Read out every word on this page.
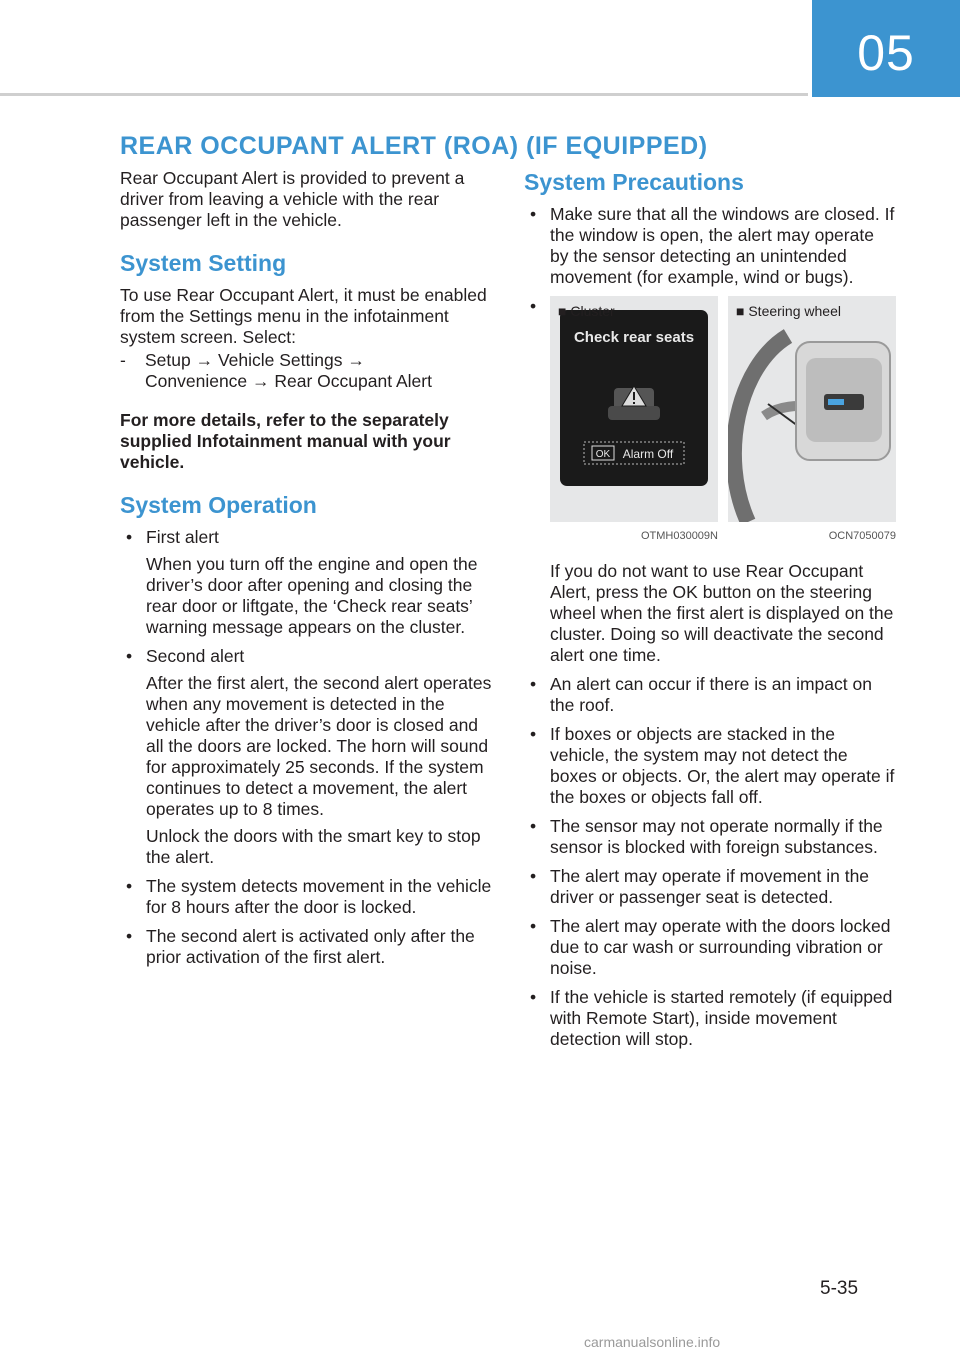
05
REAR OCCUPANT ALERT (ROA) (IF EQUIPPED)

Rear Occupant Alert is provided to prevent a driver from leaving a vehicle with the rear passenger left in the vehicle.

System Setting

To use Rear Occupant Alert, it must be enabled from the Settings menu in the infotainment system screen. Select:

-	Setup → Vehicle Settings →

Convenience → Rear Occupant Alert

For more details, refer to the separately supplied Infotainment manual with your vehicle.

System Operation
• First alert
When you turn off the engine and open the driver’s door after opening and closing the rear door or liftgate, the ‘Check rear seats’ warning message appears on the cluster.
• Second alert
After the first alert, the second alert operates when any movement is detected in the vehicle after the driver’s door is closed and all the doors are locked. The horn will sound for approximately 25 seconds. If the system continues to detect a movement, the alert operates up to 8 times.
Unlock the doors with the smart key to stop the alert.
• The system detects movement in the vehicle for 8 hours after the door is locked.
• The second alert is activated only after the prior activation of the first alert.
System Precautions
• Make sure that all the windows are closed. If the window is open, the alert may operate by the sensor detecting an unintended movement (for example, wind or bugs).
• ■ Cluster
Check rear seats
OK Alarm Off
OTMH030009N
■ Steering wheel
OCN7050079

If you do not want to use Rear Occupant Alert, press the OK button on the steering wheel when the first alert is displayed on the cluster. Doing so will deactivate the second alert one time.

• An alert can occur if there is an impact on the roof.
• If boxes or objects are stacked in the vehicle, the system may not detect the boxes or objects. Or, the alert may operate if the boxes or objects fall off.
• The sensor may not operate normally if the sensor is blocked with foreign substances.
• The alert may operate if movement in the driver or passenger seat is detected.
• The alert may operate with the doors locked due to car wash or surrounding vibration or noise.
• If the vehicle is started remotely (if equipped with Remote Start), inside movement detection will stop.
5-35
carmanualsonline.info
